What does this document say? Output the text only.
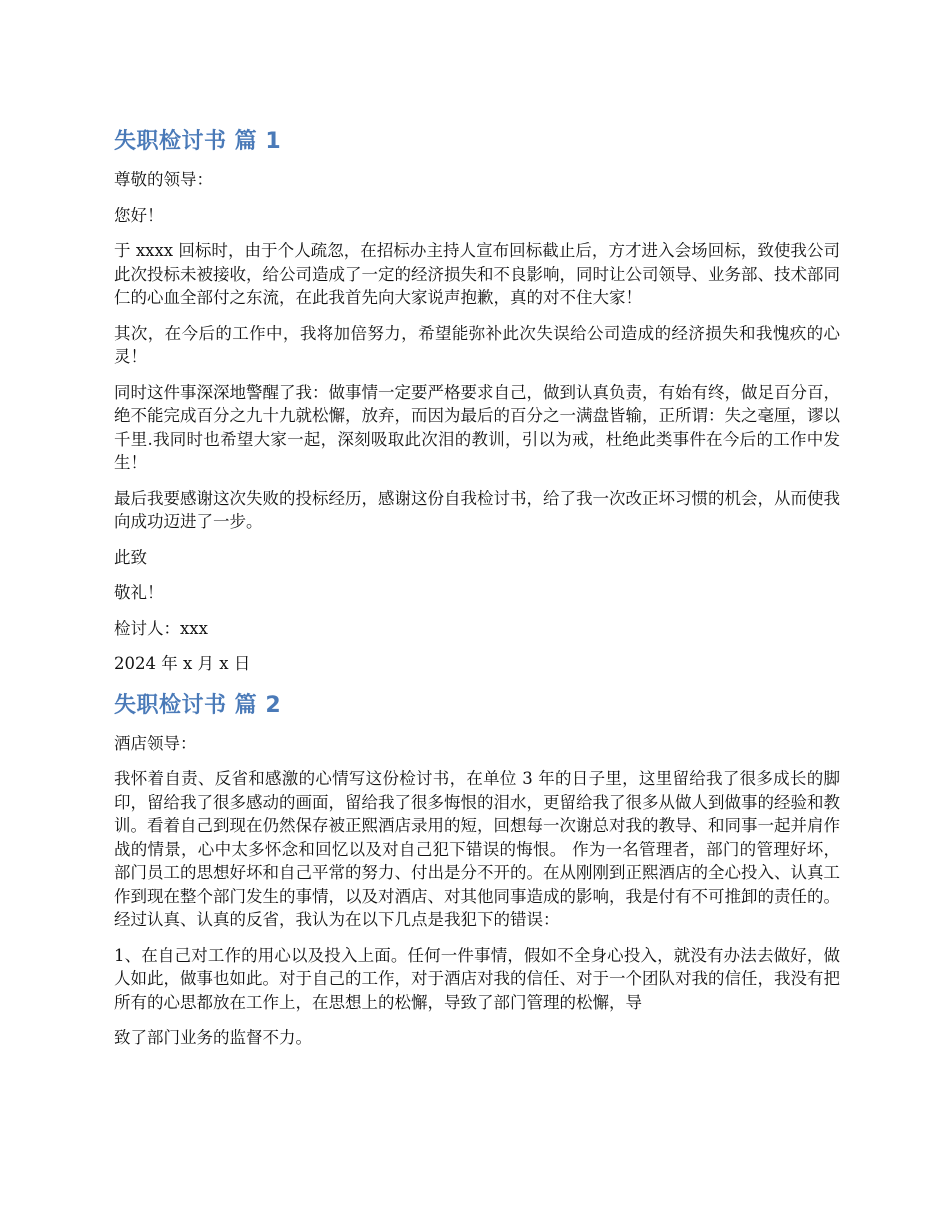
失职检讨书 篇 1

尊敬的领导：

您好！

于 xxxx 回标时，由于个人疏忽，在招标办主持人宣布回标截止后，方才进入会场回标，致使我公司此次投标未被接收，给公司造成了一定的经济损失和不良影响，同时让公司领导、业务部、技术部同仁的心血全部付之东流，在此我首先向大家说声抱歉，真的对不住大家！

其次，在今后的工作中，我将加倍努力，希望能弥补此次失误给公司造成的经济损失和我愧疚的心灵！

同时这件事深深地警醒了我：做事情一定要严格要求自己，做到认真负责，有始有终，做足百分百，绝不能完成百分之九十九就松懈，放弃，而因为最后的百分之一满盘皆输，正所谓：失之毫厘，谬以千里.我同时也希望大家一起，深刻吸取此次泪的教训，引以为戒，杜绝此类事件在今后的工作中发生！

最后我要感谢这次失败的投标经历，感谢这份自我检讨书，给了我一次改正坏习惯的机会，从而使我向成功迈进了一步。

此致

敬礼！

检讨人：xxx

2024 年 x 月 x 日

失职检讨书 篇 2

酒店领导：

我怀着自责、反省和感激的心情写这份检讨书，在单位 3 年的日子里，这里留给我了很多成长的脚印，留给我了很多感动的画面，留给我了很多悔恨的泪水，更留给我了很多从做人到做事的经验和教训。看着自己到现在仍然保存被正熙酒店录用的短，回想每一次谢总对我的教导、和同事一起并肩作战的情景，心中太多怀念和回忆以及对自己犯下错误的悔恨。 作为一名管理者，部门的管理好坏，部门员工的思想好坏和自己平常的努力、付出是分不开的。在从刚刚到正熙酒店的全心投入、认真工作到现在整个部门发生的事情，以及对酒店、对其他同事造成的影响，我是付有不可推卸的责任的。经过认真、认真的反省，我认为在以下几点是我犯下的错误：

1、在自己对工作的用心以及投入上面。任何一件事情，假如不全身心投入，就没有办法去做好，做人如此，做事也如此。对于自己的工作，对于酒店对我的信任、对于一个团队对我的信任，我没有把所有的心思都放在工作上，在思想上的松懈，导致了部门管理的松懈，导

致了部门业务的监督不力。
